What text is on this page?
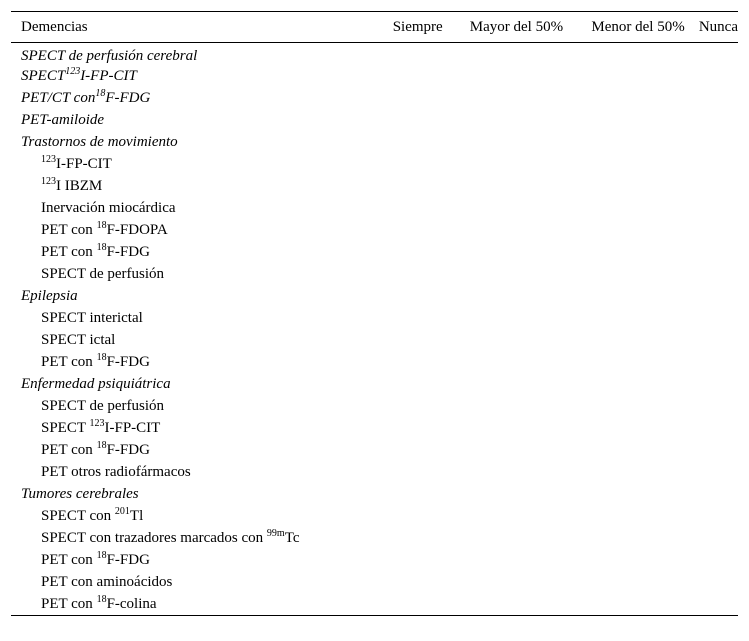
Demencias	Siempre	Mayor del 50%	Menor del 50%	Nunca
SPECT de perfusión cerebral				
SPECT$^{123}$I-FP-CIT				
PET/CT con$^{18}$F-FDG				
PET-amiloide				
Trastornos de movimiento				
$^{123}$I-FP-CIT				
$^{123}$I IBZM				
Inervación miocárdica				
PET con $^{18}$F-FDOPA				
PET con $^{18}$F-FDG				
SPECT de perfusión				
Epilepsia				
SPECT interictal				
SPECT ictal				
PET con $^{18}$F-FDG				
Enfermedad psiquiátrica				
SPECT de perfusión				
SPECT $^{123}$I-FP-CIT				
PET con $^{18}$F-FDG				
PET otros radiofármacos				
Tumores cerebrales				
SPECT con $^{201}$Tl				
SPECT con trazadores marcados con $^{99m}$Tc				
PET con $^{18}$F-FDG				
PET con aminoácidos				
PET con $^{18}$F-colina				
